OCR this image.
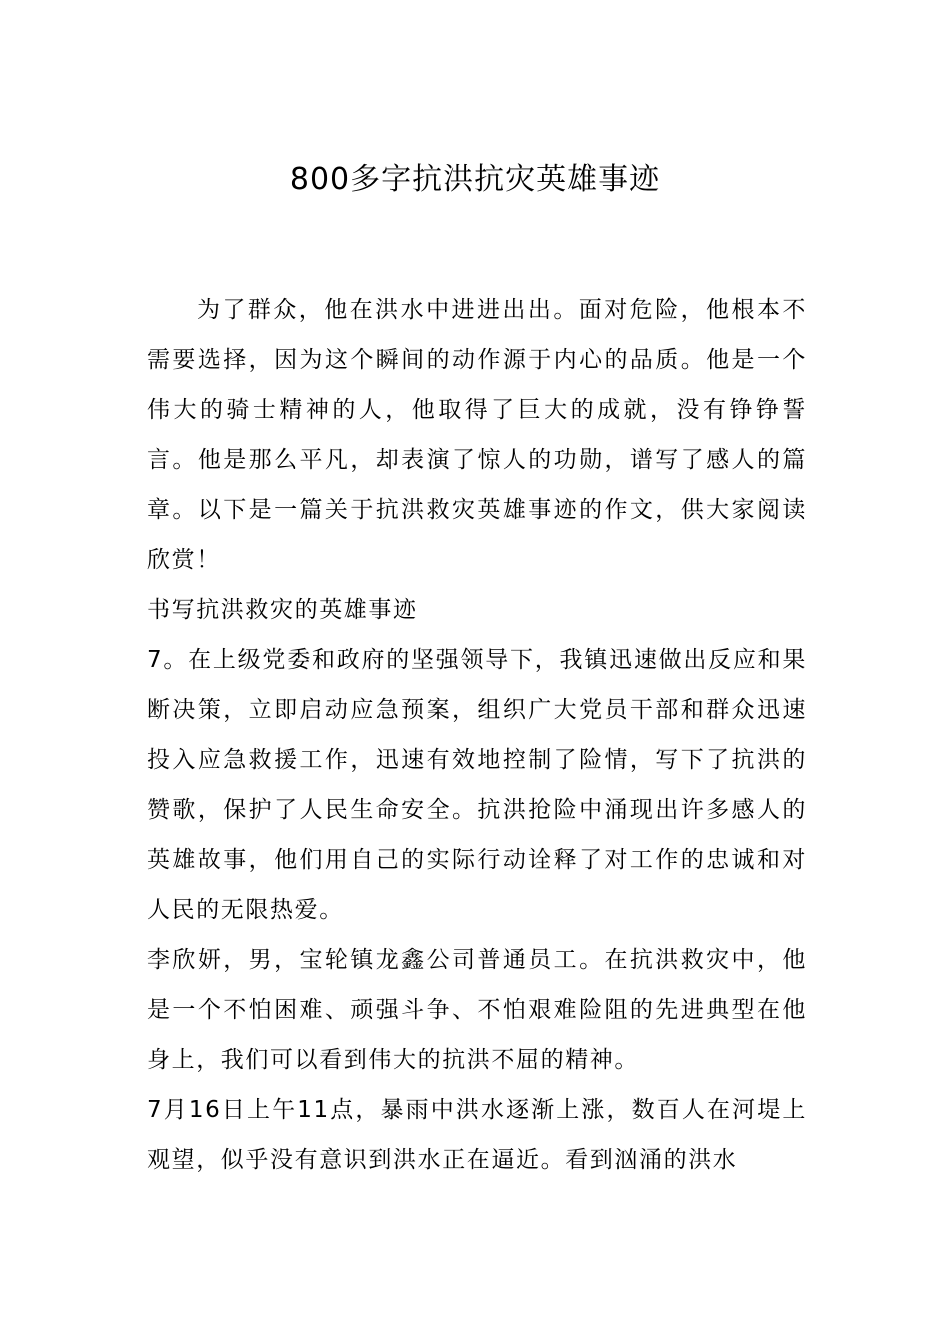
800多字抗洪抗灾英雄事迹

为了群众，他在洪水中进进出出。面对危险，他根本不需要选择，因为这个瞬间的动作源于内心的品质。他是一个伟大的骑士精神的人，他取得了巨大的成就，没有铮铮誓言。他是那么平凡，却表演了惊人的功勋，谱写了感人的篇章。以下是一篇关于抗洪救灾英雄事迹的作文，供大家阅读欣赏！

书写抗洪救灾的英雄事迹

7。在上级党委和政府的坚强领导下，我镇迅速做出反应和果断决策，立即启动应急预案，组织广大党员干部和群众迅速投入应急救援工作，迅速有效地控制了险情，写下了抗洪的赞歌，保护了人民生命安全。抗洪抢险中涌现出许多感人的英雄故事，他们用自己的实际行动诠释了对工作的忠诚和对人民的无限热爱。

李欣妍，男，宝轮镇龙鑫公司普通员工。在抗洪救灾中，他是一个不怕困难、顽强斗争、不怕艰难险阻的先进典型在他身上，我们可以看到伟大的抗洪不屈的精神。

7月16日上午11点，暴雨中洪水逐渐上涨，数百人在河堤上观望，似乎没有意识到洪水正在逼近。看到汹涌的洪水
